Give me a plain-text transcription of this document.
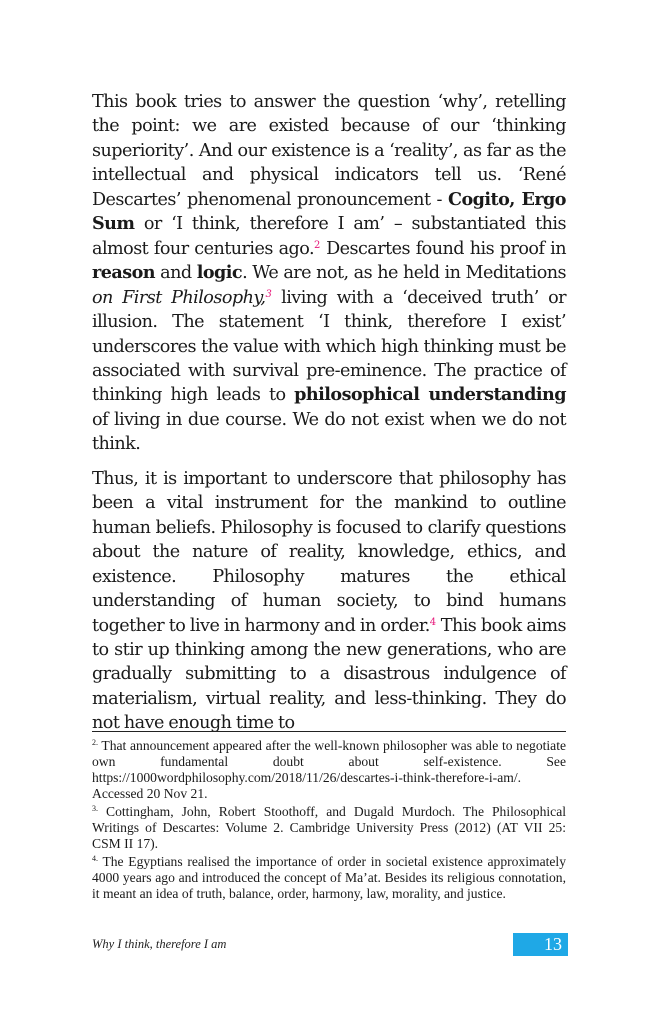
This book tries to answer the question ‘why’, retelling the point: we are existed because of our ‘thinking superiority’. And our existence is a ‘reality’, as far as the intellectual and physical indicators tell us. ‘René Descartes’ phenomenal pronouncement - Cogito, Ergo Sum or ‘I think, therefore I am’ – substantiated this almost four centuries ago.$^2$ Descartes found his proof in reason and logic. We are not, as he held in Meditations on First Philosophy,$^3$ living with a ‘deceived truth’ or illusion. The statement ‘I think, therefore I exist’ underscores the value with which high thinking must be associated with survival pre-eminence. The practice of thinking high leads to philosophical understanding of living in due course. We do not exist when we do not think.

Thus, it is important to underscore that philosophy has been a vital instrument for the mankind to outline human beliefs. Philosophy is focused to clarify questions about the nature of reality, knowledge, ethics, and existence. Philosophy matures the ethical understanding of human society, to bind humans together to live in harmony and in order.$^4$ This book aims to stir up thinking among the new generations, who are gradually submitting to a disastrous indulgence of materialism, virtual reality, and less-thinking. They do not have enough time to

$^{2.}$ That announcement appeared after the well-known philosopher was able to negotiate own fundamental doubt about self-existence. See https://1000wordphilosophy.com/2018/11/26/descartes-i-think-therefore-i-am/. Accessed 20 Nov 21.

$^{3.}$ Cottingham, John, Robert Stoothoff, and Dugald Murdoch. The Philosophical Writings of Descartes: Volume 2. Cambridge University Press (2012) (AT VII 25: CSM II 17).

$^{4.}$ The Egyptians realised the importance of order in societal existence approximately 4000 years ago and introduced the concept of Ma’at. Besides its religious connotation, it meant an idea of truth, balance, order, harmony, law, morality, and justice.

Why I think, therefore I am	13
